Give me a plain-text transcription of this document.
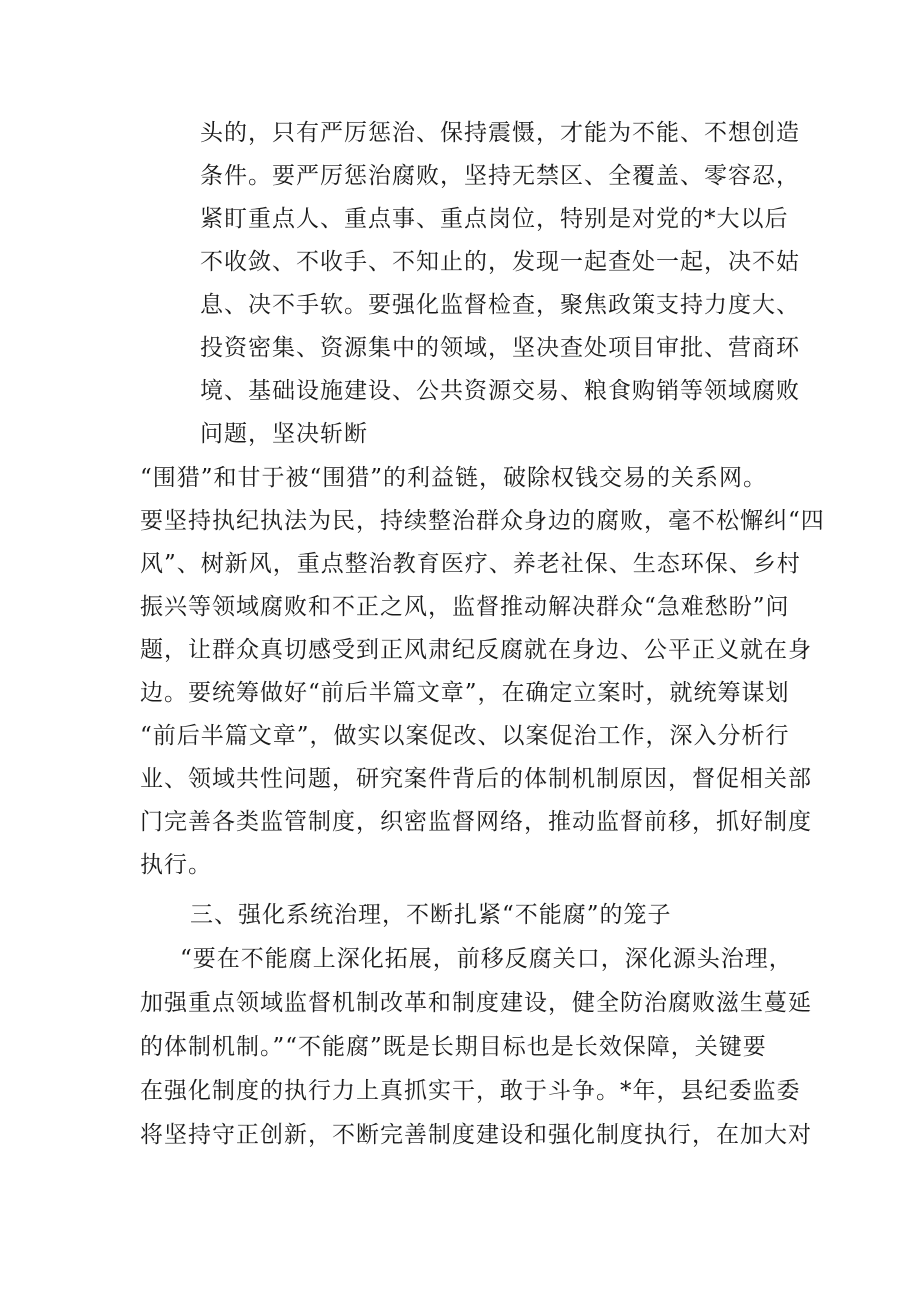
头的，只有严厉惩治、保持震慑，才能为不能、不想创造
条件。要严厉惩治腐败，坚持无禁区、全覆盖、零容忍，
紧盯重点人、重点事、重点岗位，特别是对党的*大以后
不收敛、不收手、不知止的，发现一起查处一起，决不姑
息、决不手软。要强化监督检查，聚焦政策支持力度大、
投资密集、资源集中的领域，坚决查处项目审批、营商环
境、基础设施建设、公共资源交易、粮食购销等领域腐败
问题，坚决斩断
“围猎”和甘于被“围猎”的利益链，破除权钱交易的关系网。
要坚持执纪执法为民，持续整治群众身边的腐败，毫不松懈纠“四
风”、树新风，重点整治教育医疗、养老社保、生态环保、乡村
振兴等领域腐败和不正之风，监督推动解决群众“急难愁盼”问
题，让群众真切感受到正风肃纪反腐就在身边、公平正义就在身
边。要统筹做好“前后半篇文章”，在确定立案时，就统筹谋划
“前后半篇文章”，做实以案促改、以案促治工作，深入分析行
业、领域共性问题，研究案件背后的体制机制原因，督促相关部
门完善各类监管制度，织密监督网络，推动监督前移，抓好制度
执行。
三、强化系统治理，不断扎紧“不能腐”的笼子
“要在不能腐上深化拓展，前移反腐关口，深化源头治理，
加强重点领域监督机制改革和制度建设，健全防治腐败滋生蔓延
的体制机制。”“不能腐”既是长期目标也是长效保障，关键要
在强化制度的执行力上真抓实干，敢于斗争。*年，县纪委监委
将坚持守正创新，不断完善制度建设和强化制度执行，在加大对
